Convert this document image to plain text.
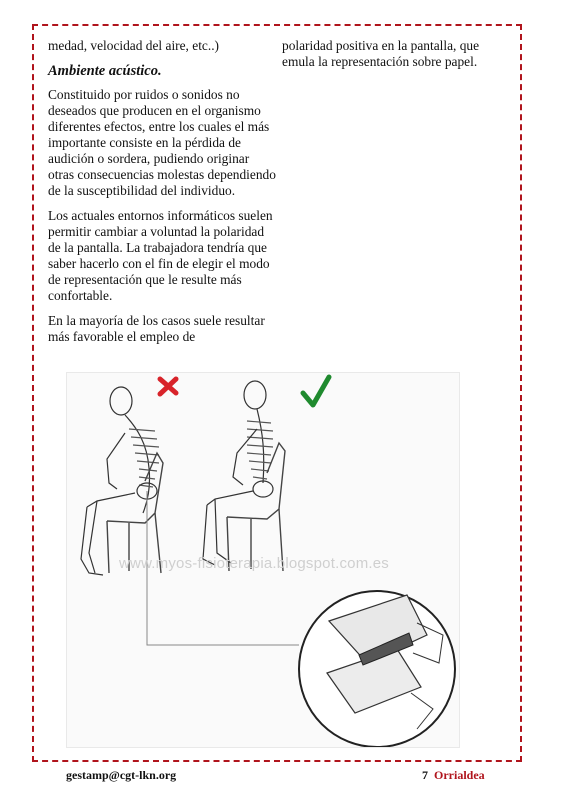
medad, velocidad del aire, etc..)

Ambiente acústico.

Constituido por ruidos o sonidos no deseados que producen en el organismo diferentes efectos, entre los cuales el más importante consiste en la pérdida de audición o sordera, pudiendo originar otras consecuencias molestas dependiendo de la susceptibilidad del individuo.

Los actuales entornos informáticos suelen permitir cambiar a voluntad la polaridad de la pantalla. La trabajadora tendría que saber hacerlo con el fin de elegir el modo de representación que le resulte más confortable.

En la mayoría de los casos suele resultar más favorable el empleo de

polaridad positiva en la pantalla, que emula la representación sobre papel.

www.myos-fisioterapia.blogspot.com.es
gestamp@cgt-lkn.org	7 Orrialdea
